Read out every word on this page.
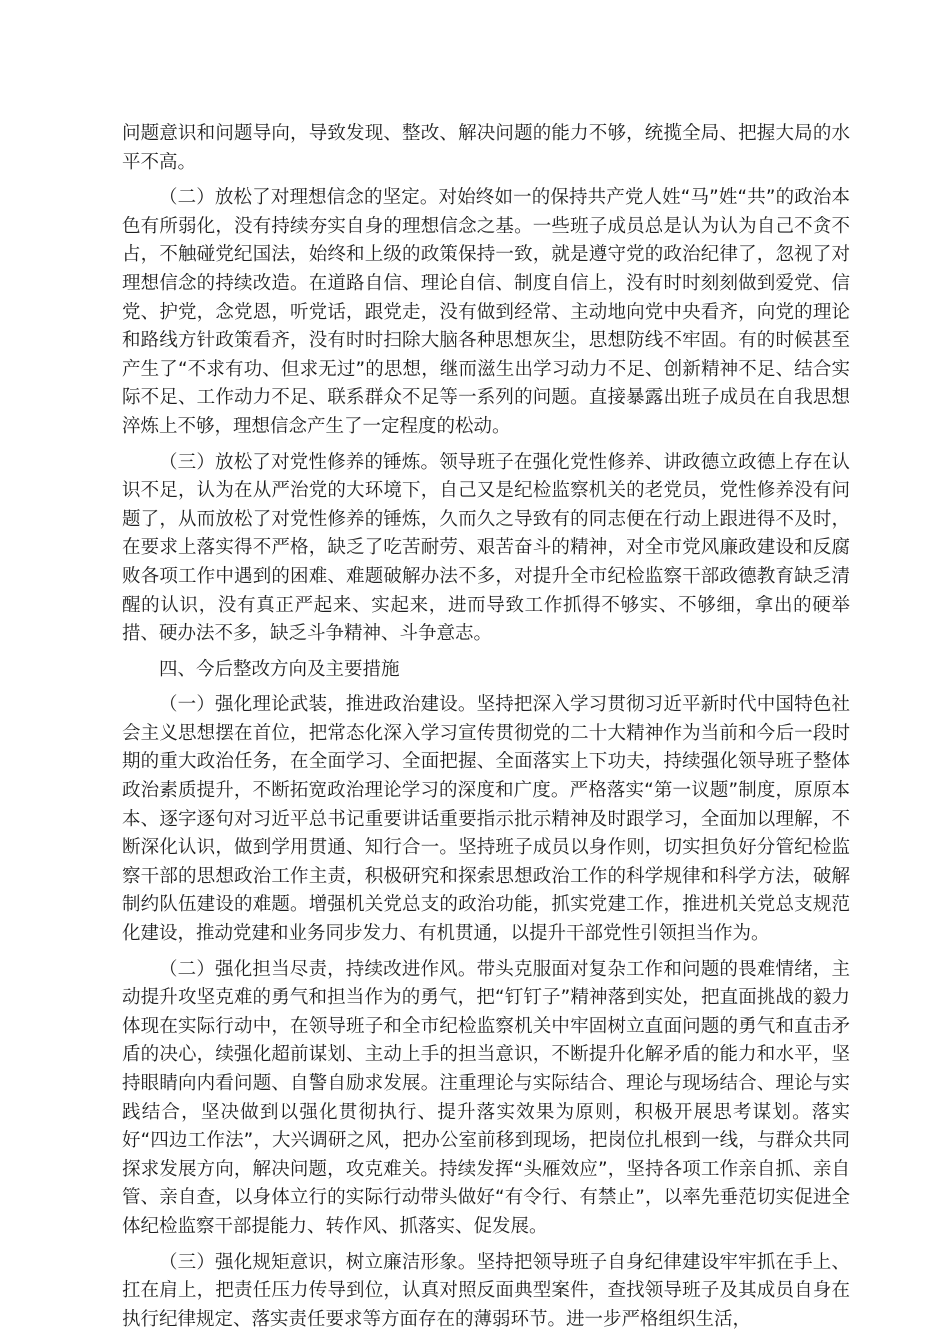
问题意识和问题导向，导致发现、整改、解决问题的能力不够，统揽全局、把握大局的水平不高。

（二）放松了对理想信念的坚定。对始终如一的保持共产党人姓“马”姓“共”的政治本色有所弱化，没有持续夯实自身的理想信念之基。一些班子成员总是认为认为自己不贪不占，不触碰党纪国法，始终和上级的政策保持一致，就是遵守党的政治纪律了，忽视了对理想信念的持续改造。在道路自信、理论自信、制度自信上，没有时时刻刻做到爱党、信党、护党，念党恩，听党话，跟党走，没有做到经常、主动地向党中央看齐，向党的理论和路线方针政策看齐，没有时时扫除大脑各种思想灰尘，思想防线不牢固。有的时候甚至产生了“不求有功、但求无过”的思想，继而滋生出学习动力不足、创新精神不足、结合实际不足、工作动力不足、联系群众不足等一系列的问题。直接暴露出班子成员在自我思想淬炼上不够，理想信念产生了一定程度的松动。

（三）放松了对党性修养的锤炼。领导班子在强化党性修养、讲政德立政德上存在认识不足，认为在从严治党的大环境下，自己又是纪检监察机关的老党员，党性修养没有问题了，从而放松了对党性修养的锤炼，久而久之导致有的同志便在行动上跟进得不及时，在要求上落实得不严格，缺乏了吃苦耐劳、艰苦奋斗的精神，对全市党风廉政建设和反腐败各项工作中遇到的困难、难题破解办法不多，对提升全市纪检监察干部政德教育缺乏清醒的认识，没有真正严起来、实起来，进而导致工作抓得不够实、不够细，拿出的硬举措、硬办法不多，缺乏斗争精神、斗争意志。

四、今后整改方向及主要措施

（一）强化理论武装，推进政治建设。坚持把深入学习贯彻习近平新时代中国特色社会主义思想摆在首位，把常态化深入学习宣传贯彻党的二十大精神作为当前和今后一段时期的重大政治任务，在全面学习、全面把握、全面落实上下功夫，持续强化领导班子整体政治素质提升，不断拓宽政治理论学习的深度和广度。严格落实“第一议题”制度，原原本本、逐字逐句对习近平总书记重要讲话重要指示批示精神及时跟学习，全面加以理解，不断深化认识，做到学用贯通、知行合一。坚持班子成员以身作则，切实担负好分管纪检监察干部的思想政治工作主责，积极研究和探索思想政治工作的科学规律和科学方法，破解制约队伍建设的难题。增强机关党总支的政治功能，抓实党建工作，推进机关党总支规范化建设，推动党建和业务同步发力、有机贯通，以提升干部党性引领担当作为。

（二）强化担当尽责，持续改进作风。带头克服面对复杂工作和问题的畏难情绪，主动提升攻坚克难的勇气和担当作为的勇气，把“钉钉子”精神落到实处，把直面挑战的毅力体现在实际行动中，在领导班子和全市纪检监察机关中牢固树立直面问题的勇气和直击矛盾的决心，续强化超前谋划、主动上手的担当意识，不断提升化解矛盾的能力和水平，坚持眼睛向内看问题、自警自励求发展。注重理论与实际结合、理论与现场结合、理论与实践结合，坚决做到以强化贯彻执行、提升落实效果为原则，积极开展思考谋划。落实好“四边工作法”，大兴调研之风，把办公室前移到现场，把岗位扎根到一线，与群众共同探求发展方向，解决问题，攻克难关。持续发挥“头雁效应”，坚持各项工作亲自抓、亲自管、亲自查，以身体立行的实际行动带头做好“有令行、有禁止”，以率先垂范切实促进全体纪检监察干部提能力、转作风、抓落实、促发展。

（三）强化规矩意识，树立廉洁形象。坚持把领导班子自身纪律建设牢牢抓在手上、扛在肩上，把责任压力传导到位，认真对照反面典型案件，查找领导班子及其成员自身在执行纪律规定、落实责任要求等方面存在的薄弱环节。进一步严格组织生活，
